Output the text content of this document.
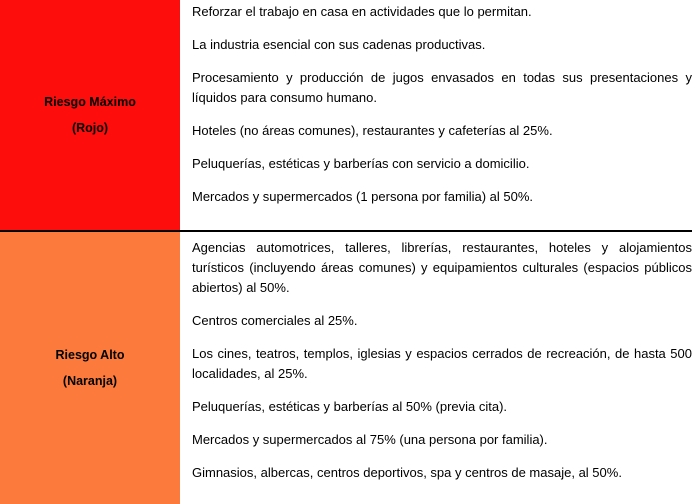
Riesgo Máximo
(Rojo)

Reforzar el trabajo en casa en actividades que lo permitan.

La industria esencial con sus cadenas productivas.

Procesamiento y producción de jugos envasados en todas sus presentaciones y líquidos para consumo humano.

Hoteles (no áreas comunes), restaurantes y cafeterías al 25%.

Peluquerías, estéticas y barberías con servicio a domicilio.

Mercados y supermercados (1 persona por familia) al 50%.

Riesgo Alto
(Naranja)

Agencias automotrices, talleres, librerías, restaurantes, hoteles y alojamientos turísticos (incluyendo áreas comunes) y equipamientos culturales (espacios públicos abiertos) al 50%.

Centros comerciales al 25%.

Los cines, teatros, templos, iglesias y espacios cerrados de recreación, de hasta 500 localidades, al 25%.

Peluquerías, estéticas y barberías al 50% (previa cita).

Mercados y supermercados al 75% (una persona por familia).

Gimnasios, albercas, centros deportivos, spa y centros de masaje, al 50%.
